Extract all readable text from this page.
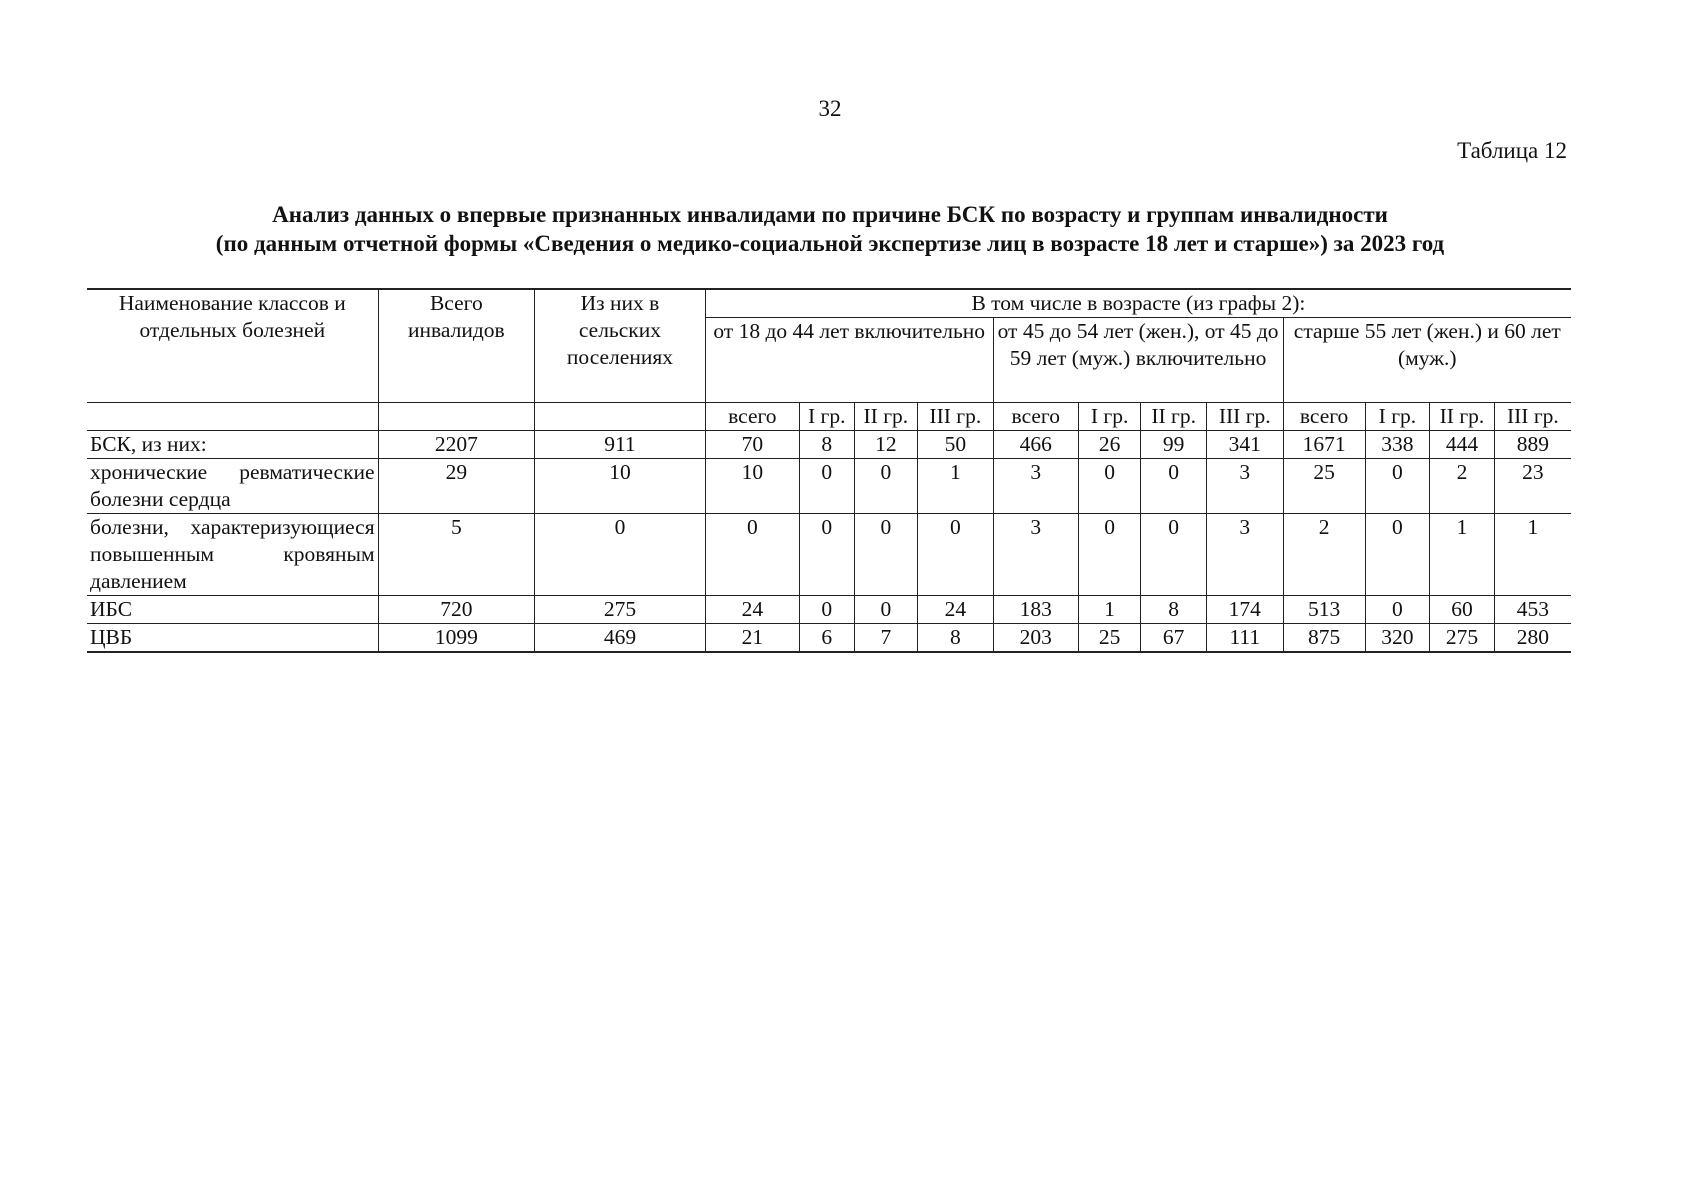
32
Таблица 12
Анализ данных о впервые признанных инвалидами по причине БСК по возрасту и группам инвалидности
(по данным отчетной формы «Сведения о медико-социальной экспертизе лиц в возрасте 18 лет и старше») за 2023 год
Наименование классов и отдельных болезней	Всего инвалидов	Из них в сельских поселениях	В том числе в возрасте (из графы 2):											
			от 18 до 44 лет включительно				от 45 до 54 лет (жен.), от 45 до 59 лет (муж.) включительно				старше 55 лет (жен.) и 60 лет (муж.)			
			всего	I гр.	II гр.	III гр.	всего	I гр.	II гр.	III гр.	всего	I гр.	II гр.	III гр.
БСК, из них:	2207	911	70	8	12	50	466	26	99	341	1671	338	444	889
хронические ревматические болезни сердца	29	10	10	0	0	1	3	0	0	3	25	0	2	23
болезни, характеризующиеся повышенным кровяным давлением	5	0	0	0	0	0	3	0	0	3	2	0	1	1
ИБС	720	275	24	0	0	24	183	1	8	174	513	0	60	453
ЦВБ	1099	469	21	6	7	8	203	25	67	111	875	320	275	280
